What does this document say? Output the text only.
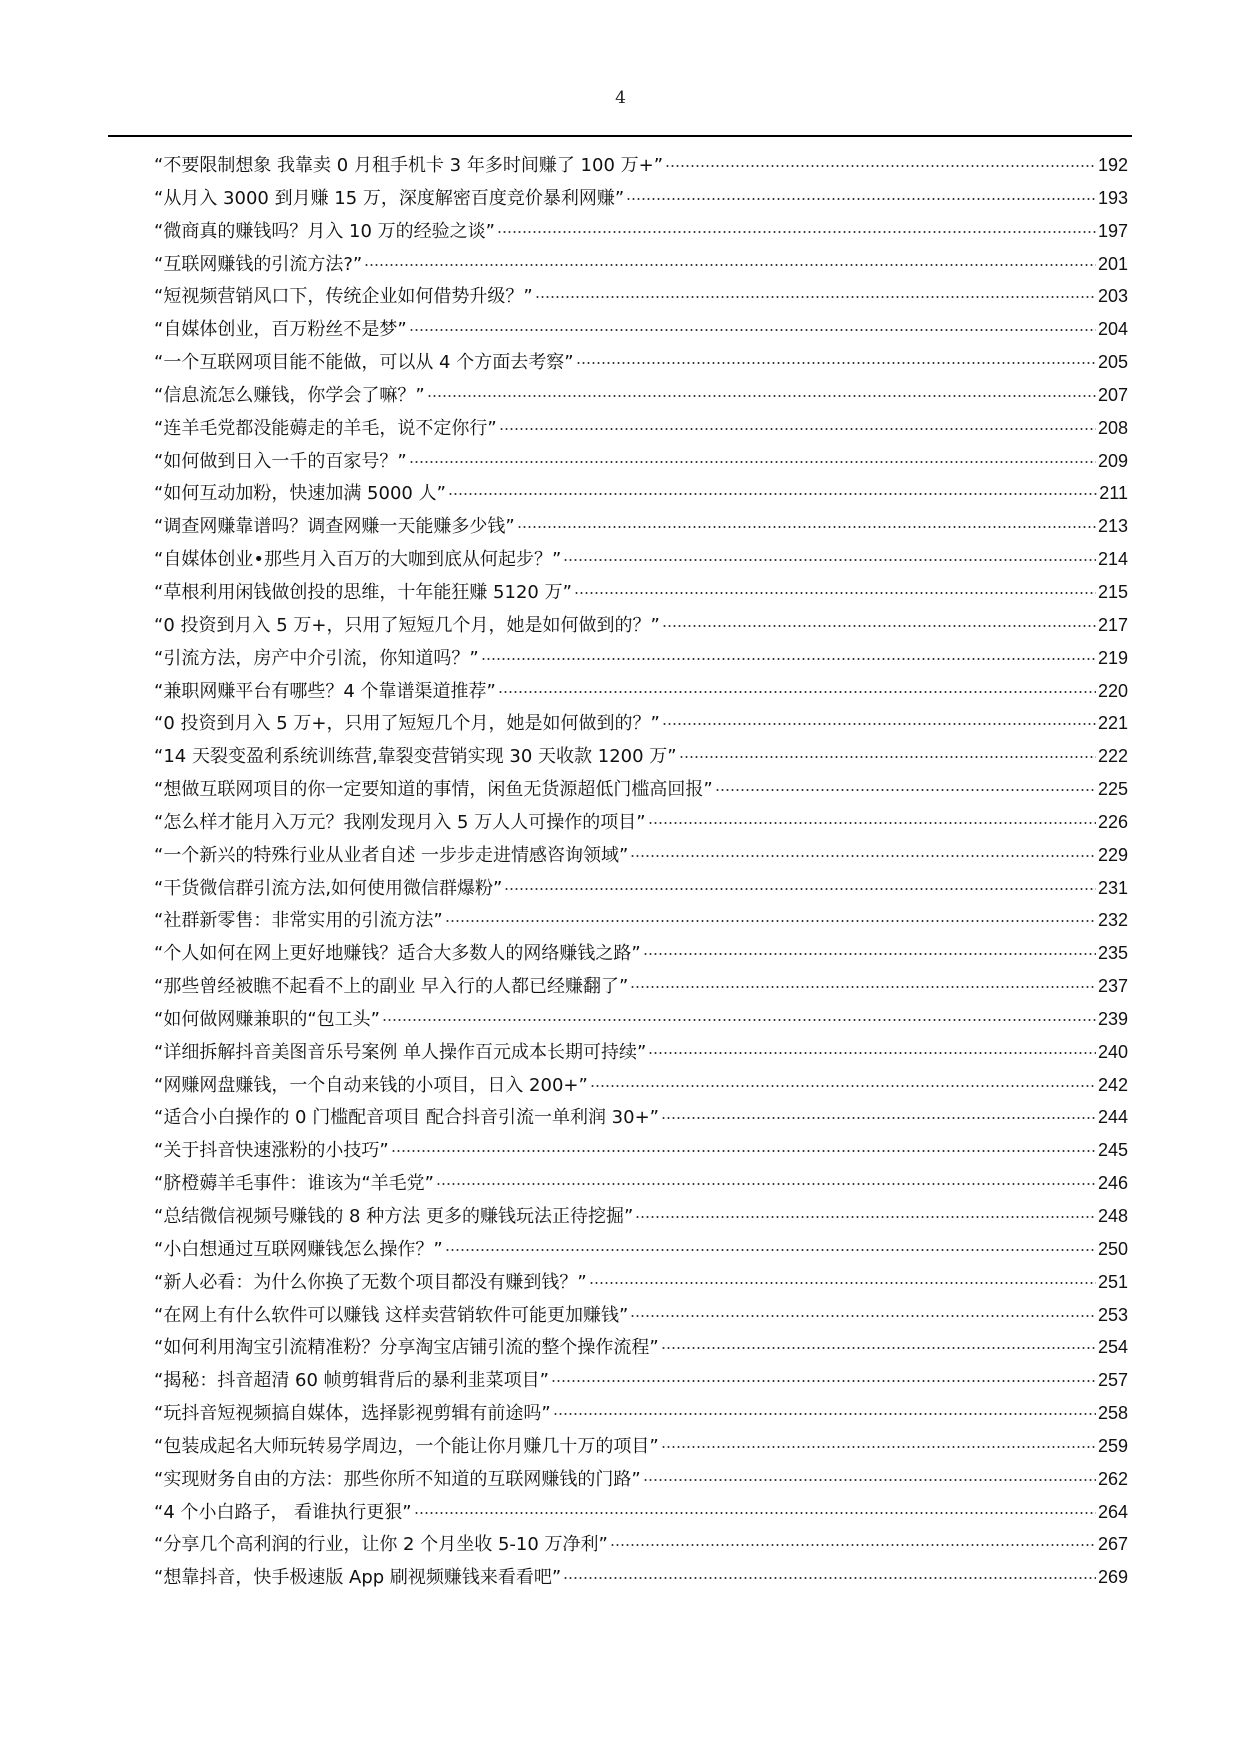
4
“不要限制想象 我靠卖 0 月租手机卡 3 年多时间赚了 100 万+”	192
“从月入 3000 到月赚 15 万，深度解密百度竞价暴利网赚”	193
“微商真的赚钱吗？月入 10 万的经验之谈”	197
“互联网赚钱的引流方法?”	201
“短视频营销风口下，传统企业如何借势升级？”	203
“自媒体创业，百万粉丝不是梦”	204
“一个互联网项目能不能做，可以从 4 个方面去考察”	205
“信息流怎么赚钱，你学会了嘛？”	207
“连羊毛党都没能薅走的羊毛，说不定你行”	208
“如何做到日入一千的百家号？”	209
“如何互动加粉，快速加满 5000 人”	211
“调查网赚靠谱吗？调查网赚一天能赚多少钱”	213
“自媒体创业•那些月入百万的大咖到底从何起步？”	214
“草根利用闲钱做创投的思维，十年能狂赚 5120 万”	215
“0 投资到月入 5 万+，只用了短短几个月，她是如何做到的？”	217
“引流方法，房产中介引流，你知道吗？”	219
“兼职网赚平台有哪些？4 个靠谱渠道推荐”	220
“0 投资到月入 5 万+，只用了短短几个月，她是如何做到的？”	221
“14 天裂变盈利系统训练营,靠裂变营销实现 30 天收款 1200 万”	222
“想做互联网项目的你一定要知道的事情，闲鱼无货源超低门槛高回报”	225
“怎么样才能月入万元？我刚发现月入 5 万人人可操作的项目”	226
“一个新兴的特殊行业从业者自述 一步步走进情感咨询领域”	229
“干货微信群引流方法,如何使用微信群爆粉”	231
“社群新零售：非常实用的引流方法”	232
“个人如何在网上更好地赚钱？适合大多数人的网络赚钱之路”	235
“那些曾经被瞧不起看不上的副业 早入行的人都已经赚翻了”	237
“如何做网赚兼职的“包工头”	239
“详细拆解抖音美图音乐号案例 单人操作百元成本长期可持续”	240
“网赚网盘赚钱，一个自动来钱的小项目，日入 200+”	242
“适合小白操作的 0 门槛配音项目 配合抖音引流一单利润 30+”	244
“关于抖音快速涨粉的小技巧”	245
“脐橙薅羊毛事件：谁该为“羊毛党”	246
“总结微信视频号赚钱的 8 种方法 更多的赚钱玩法正待挖掘”	248
“小白想通过互联网赚钱怎么操作？”	250
“新人必看：为什么你换了无数个项目都没有赚到钱？”	251
“在网上有什么软件可以赚钱 这样卖营销软件可能更加赚钱”	253
“如何利用淘宝引流精准粉？分享淘宝店铺引流的整个操作流程”	254
“揭秘：抖音超清 60 帧剪辑背后的暴利韭菜项目”	257
“玩抖音短视频搞自媒体，选择影视剪辑有前途吗”	258
“包装成起名大师玩转易学周边，一个能让你月赚几十万的项目”	259
“实现财务自由的方法：那些你所不知道的互联网赚钱的门路”	262
“4 个小白路子， 看谁执行更狠”	264
“分享几个高利润的行业，让你 2 个月坐收 5-10 万净利”	267
“想靠抖音，快手极速版 App 刷视频赚钱来看看吧”	269
